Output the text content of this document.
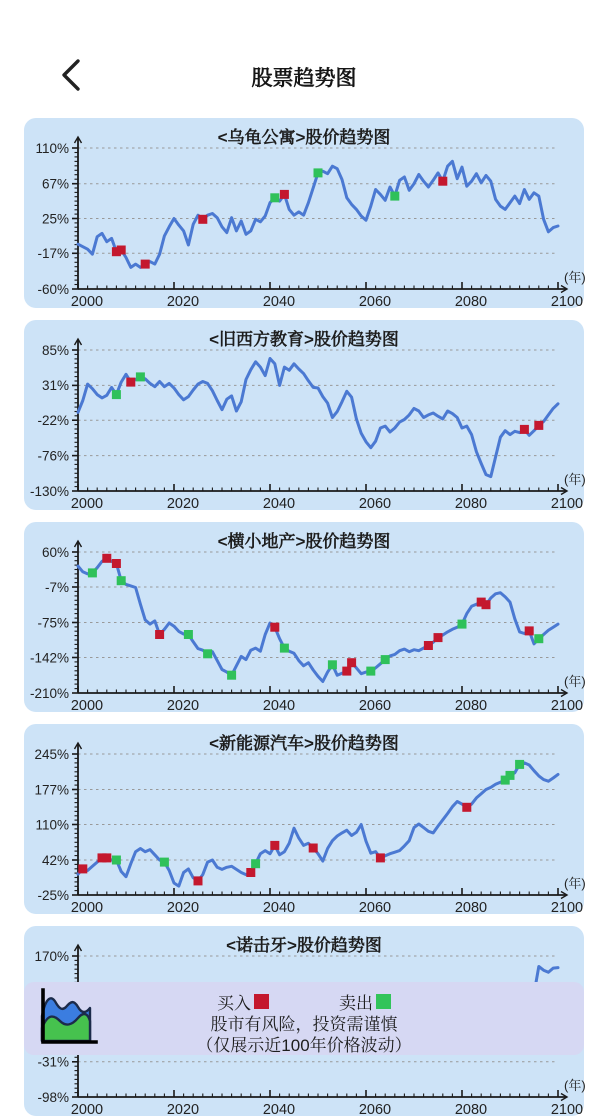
110%
67%
25%
-17%
-60%
2000	2020	2040	2060	2080	2100
(年)
<乌龟公寓>股价趋势图
85%
31%
-22%
-76%
-130%
2000	2020	2040	2060	2080	2100
(年)
<旧西方教育>股价趋势图
60%
-7%
-75%
-142%
-210%
2000	2020	2040	2060	2080	2100
(年)
<横小地产>股价趋势图
245%
177%
110%
42%
-25%
2000	2020	2040	2060	2080	2100
(年)
<新能源汽车>股价趋势图
170%
-31%
-98%
2000	2020	2040	2060	2080	2100
(年)
<诺击牙>股价趋势图
股票趋势图
买入	卖出
股市有风险，投资需谨慎
（仅展示近100年价格波动）
